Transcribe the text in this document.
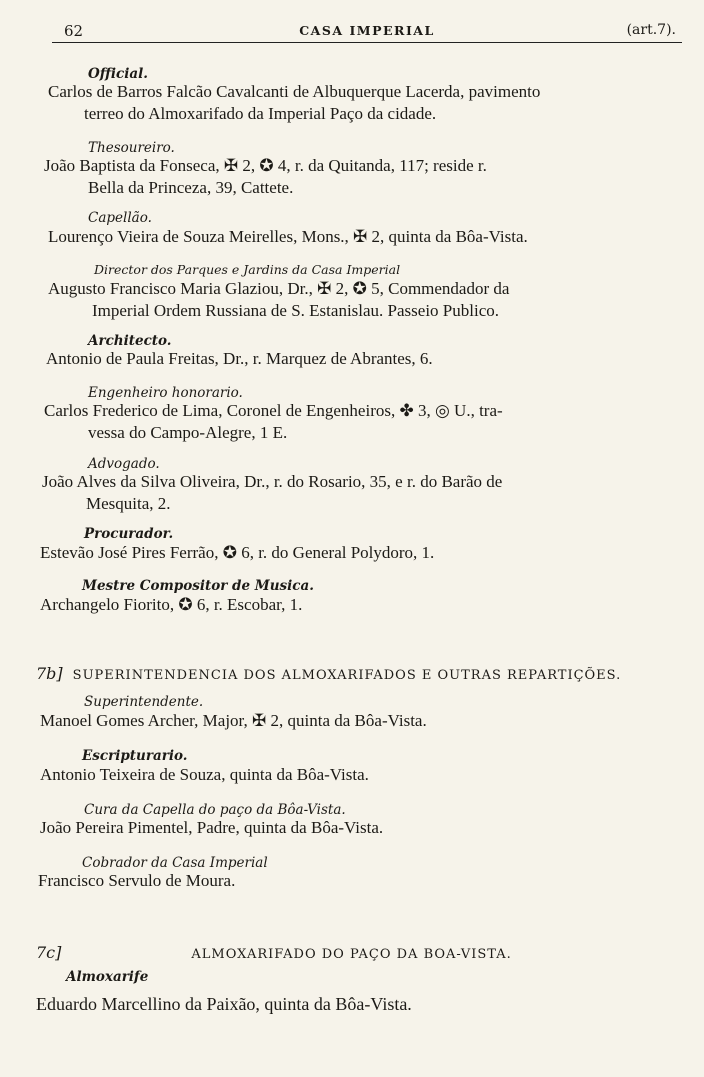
62	CASA IMPERIAL	(art.7).
Official.
Carlos de Barros Falcão Cavalcanti de Albuquerque Lacerda, pavimento
terreo do Almoxarifado da Imperial Paço da cidade.
Thesoureiro.
João Baptista da Fonseca, ✠ 2, ✪ 4, r. da Quitanda, 117; reside r.
Bella da Princeza, 39, Cattete.
Capellão.
Lourenço Vieira de Souza Meirelles, Mons., ✠ 2, quinta da Bôa-Vista.
Director dos Parques e Jardins da Casa Imperial
Augusto Francisco Maria Glaziou, Dr., ✠ 2, ✪ 5, Commendador da
Imperial Ordem Russiana de S. Estanislau. Passeio Publico.
Architecto.
Antonio de Paula Freitas, Dr., r. Marquez de Abrantes, 6.
Engenheiro honorario.
Carlos Frederico de Lima, Coronel de Engenheiros, ✤ 3, ◎ U., tra-
vessa do Campo-Alegre, 1 E.
Advogado.
João Alves da Silva Oliveira, Dr., r. do Rosario, 35, e r. do Barão de
Mesquita, 2.
Procurador.
Estevão José Pires Ferrão, ✪ 6, r. do General Polydoro, 1.
Mestre Compositor de Musica.
Archangelo Fiorito, ✪ 6, r. Escobar, 1.
7b] SUPERINTENDENCIA DOS ALMOXARIFADOS E OUTRAS REPARTIÇÕES.
Superintendente.
Manoel Gomes Archer, Major, ✠ 2, quinta da Bôa-Vista.
Escripturario.
Antonio Teixeira de Souza, quinta da Bôa-Vista.
Cura da Capella do paço da Bôa-Vista.
João Pereira Pimentel, Padre, quinta da Bôa-Vista.
Cobrador da Casa Imperial
Francisco Servulo de Moura.
7c]	ALMOXARIFADO DO PAÇO DA BOA-VISTA.
Almoxarife
Eduardo Marcellino da Paixão, quinta da Bôa-Vista.
